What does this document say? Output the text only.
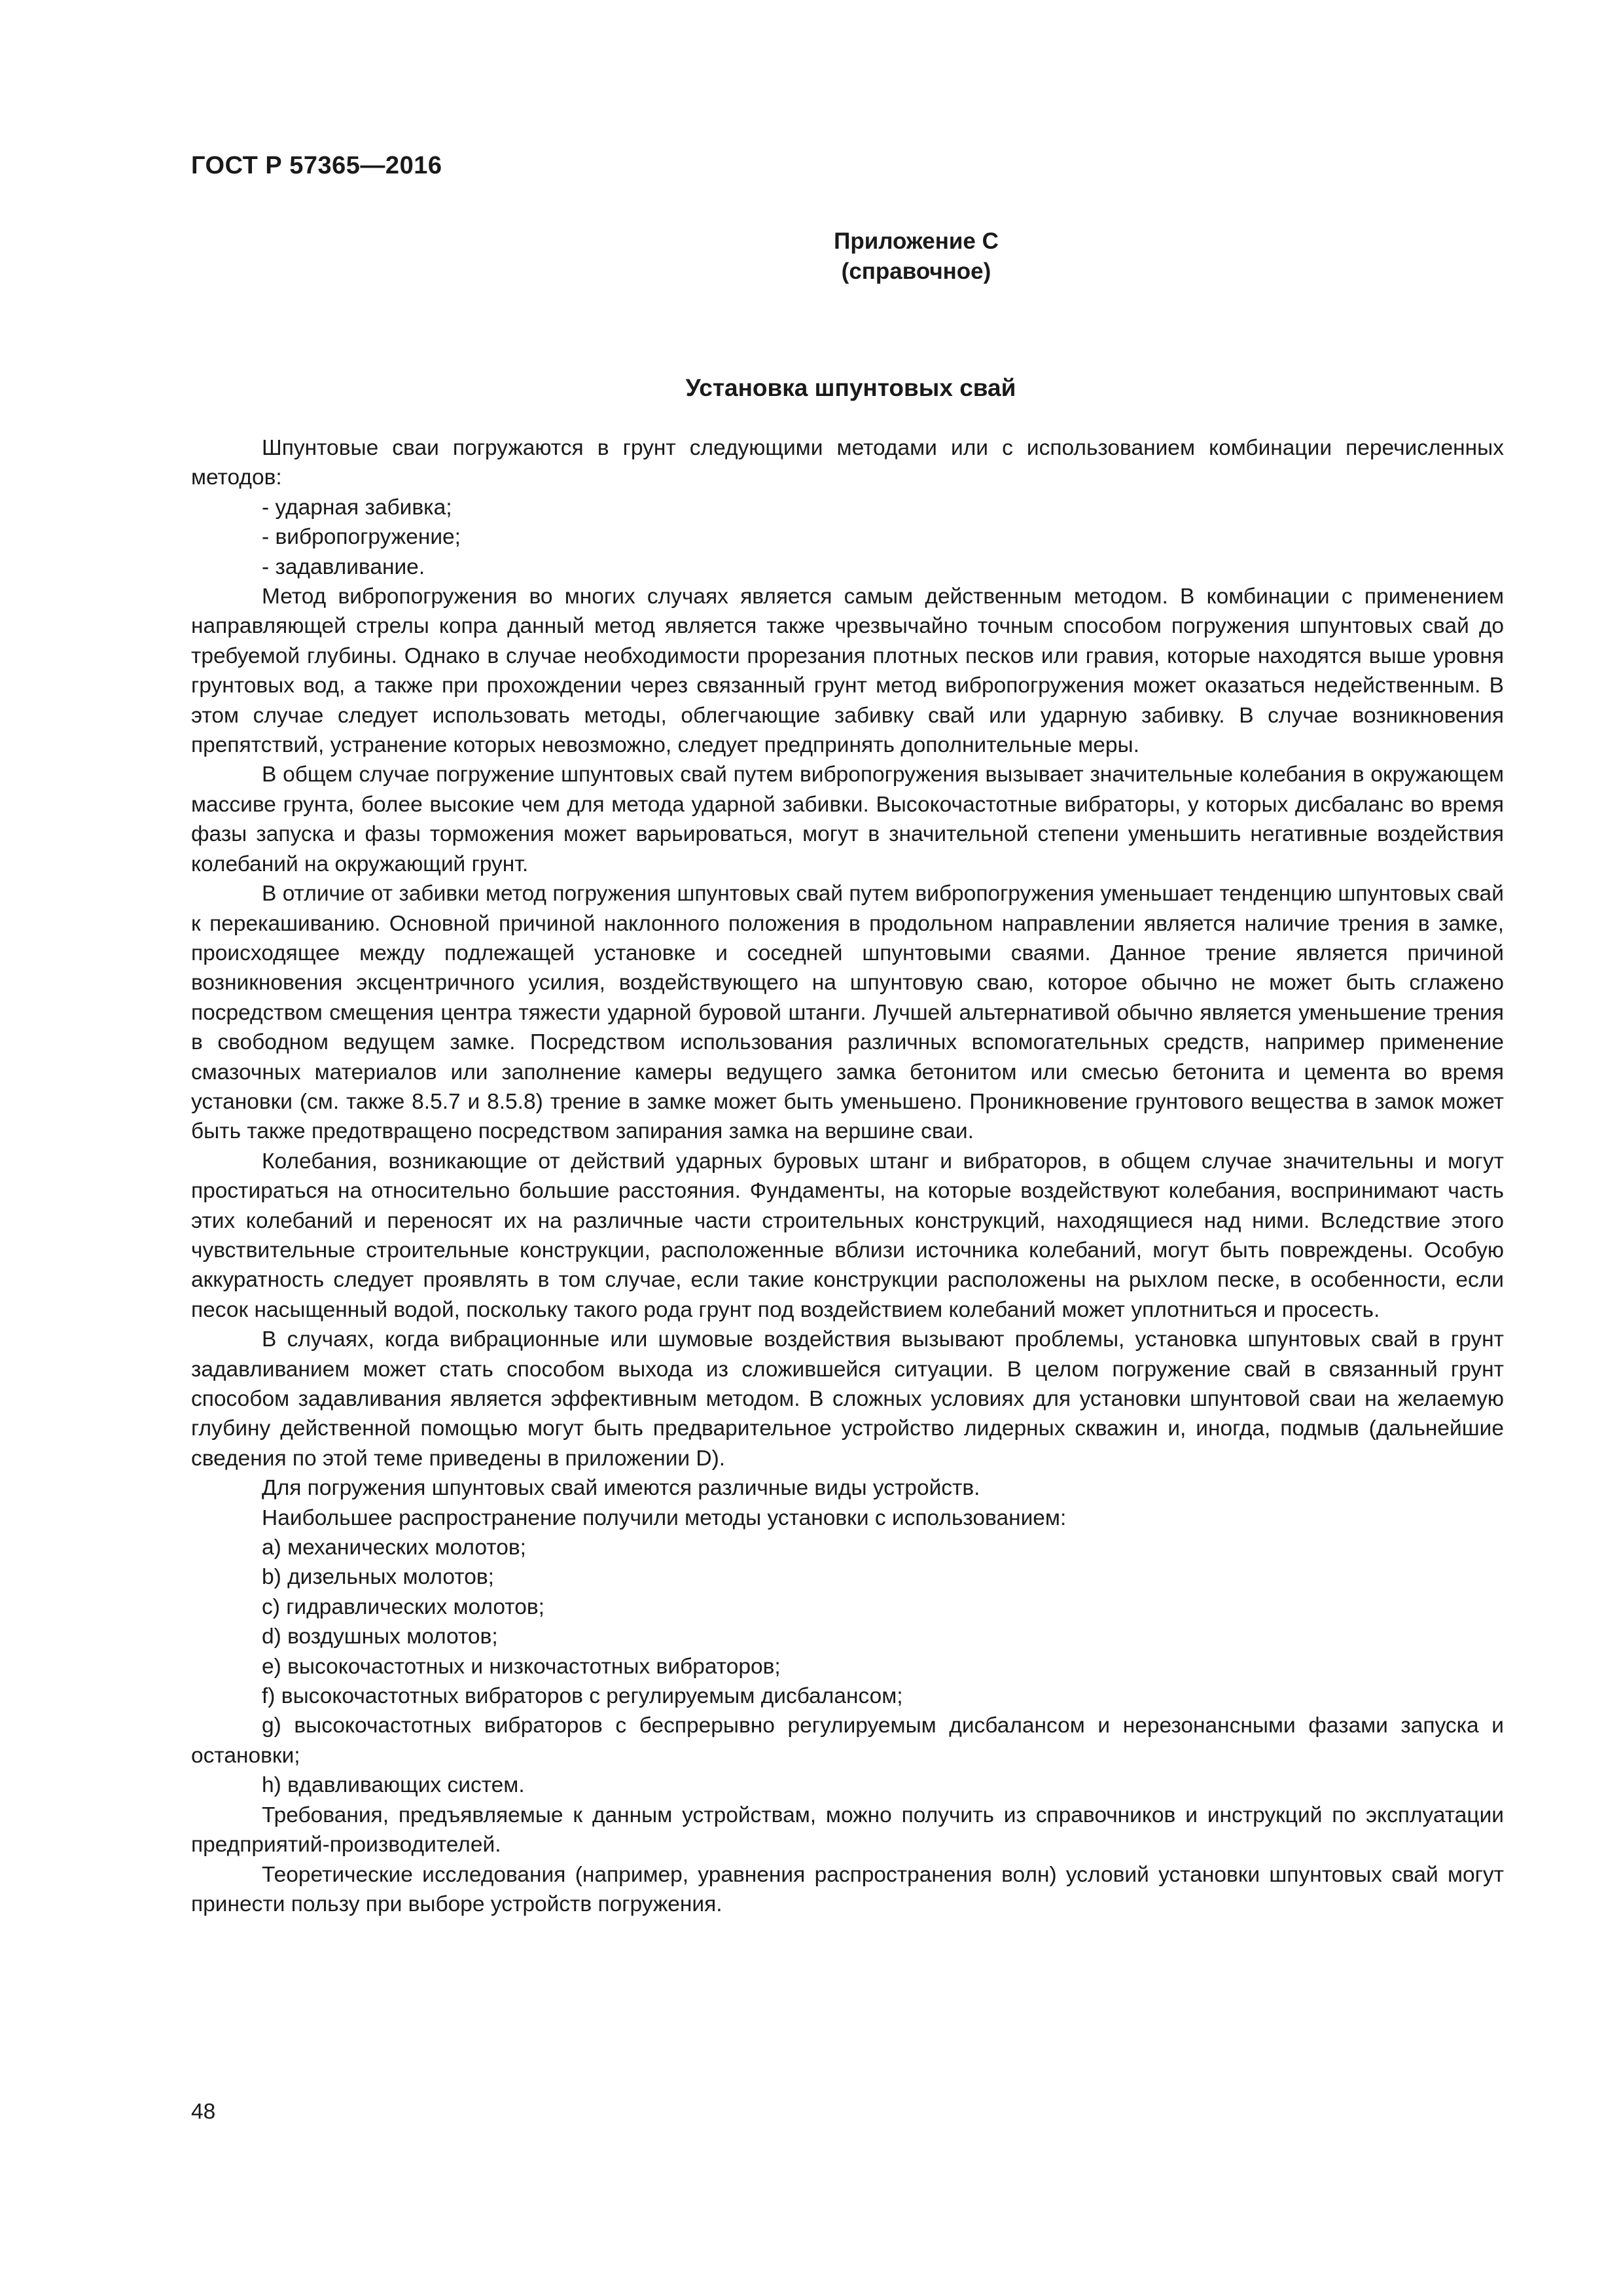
ГОСТ Р 57365—2016
Приложение С
(справочное)
Установка шпунтовых свай

Шпунтовые сваи погружаются в грунт следующими методами или с использованием комбинации перечисленных методов:

- ударная забивка;

- вибропогружение;

- задавливание.

Метод вибропогружения во многих случаях является самым действенным методом. В комбинации с применением направляющей стрелы копра данный метод является также чрезвычайно точным способом погружения шпунтовых свай до требуемой глубины. Однако в случае необходимости прорезания плотных песков или гравия, которые находятся выше уровня грунтовых вод, а также при прохождении через связанный грунт метод вибропогружения может оказаться недейственным. В этом случае следует использовать методы, облегчающие забивку свай или ударную забивку. В случае возникновения препятствий, устранение которых невозможно, следует предпринять дополнительные меры.

В общем случае погружение шпунтовых свай путем вибропогружения вызывает значительные колебания в окружающем массиве грунта, более высокие чем для метода ударной забивки. Высокочастотные вибраторы, у которых дисбаланс во время фазы запуска и фазы торможения может варьироваться, могут в значительной степени уменьшить негативные воздействия колебаний на окружающий грунт.

В отличие от забивки метод погружения шпунтовых свай путем вибропогружения уменьшает тенденцию шпунтовых свай к перекашиванию. Основной причиной наклонного положения в продольном направлении является наличие трения в замке, происходящее между подлежащей установке и соседней шпунтовыми сваями. Данное трение является причиной возникновения эксцентричного усилия, воздействующего на шпунтовую сваю, которое обычно не может быть сглажено посредством смещения центра тяжести ударной буровой штанги. Лучшей альтернативой обычно является уменьшение трения в свободном ведущем замке. Посредством использования различных вспомогательных средств, например применение смазочных материалов или заполнение камеры ведущего замка бетонитом или смесью бетонита и цемента во время установки (см. также 8.5.7 и 8.5.8) трение в замке может быть уменьшено. Проникновение грунтового вещества в замок может быть также предотвращено посредством запирания замка на вершине сваи.

Колебания, возникающие от действий ударных буровых штанг и вибраторов, в общем случае значительны и могут простираться на относительно большие расстояния. Фундаменты, на которые воздействуют колебания, воспринимают часть этих колебаний и переносят их на различные части строительных конструкций, находящиеся над ними. Вследствие этого чувствительные строительные конструкции, расположенные вблизи источника колебаний, могут быть повреждены. Особую аккуратность следует проявлять в том случае, если такие конструкции расположены на рыхлом песке, в особенности, если песок насыщенный водой, поскольку такого рода грунт под воздействием колебаний может уплотниться и просесть.

В случаях, когда вибрационные или шумовые воздействия вызывают проблемы, установка шпунтовых свай в грунт задавливанием может стать способом выхода из сложившейся ситуации. В целом погружение свай в связанный грунт способом задавливания является эффективным методом. В сложных условиях для установки шпунтовой сваи на желаемую глубину действенной помощью могут быть предварительное устройство лидерных скважин и, иногда, подмыв (дальнейшие сведения по этой теме приведены в приложении D).

Для погружения шпунтовых свай имеются различные виды устройств.

Наибольшее распространение получили методы установки с использованием:

a) механических молотов;

b) дизельных молотов;

c) гидравлических молотов;

d) воздушных молотов;

e) высокочастотных и низкочастотных вибраторов;

f) высокочастотных вибраторов с регулируемым дисбалансом;

g) высокочастотных вибраторов с беспрерывно регулируемым дисбалансом и нерезонансными фазами запуска и остановки;

h) вдавливающих систем.

Требования, предъявляемые к данным устройствам, можно получить из справочников и инструкций по эксплуатации предприятий-производителей.

Теоретические исследования (например, уравнения распространения волн) условий установки шпунтовых свай могут принести пользу при выборе устройств погружения.

48
